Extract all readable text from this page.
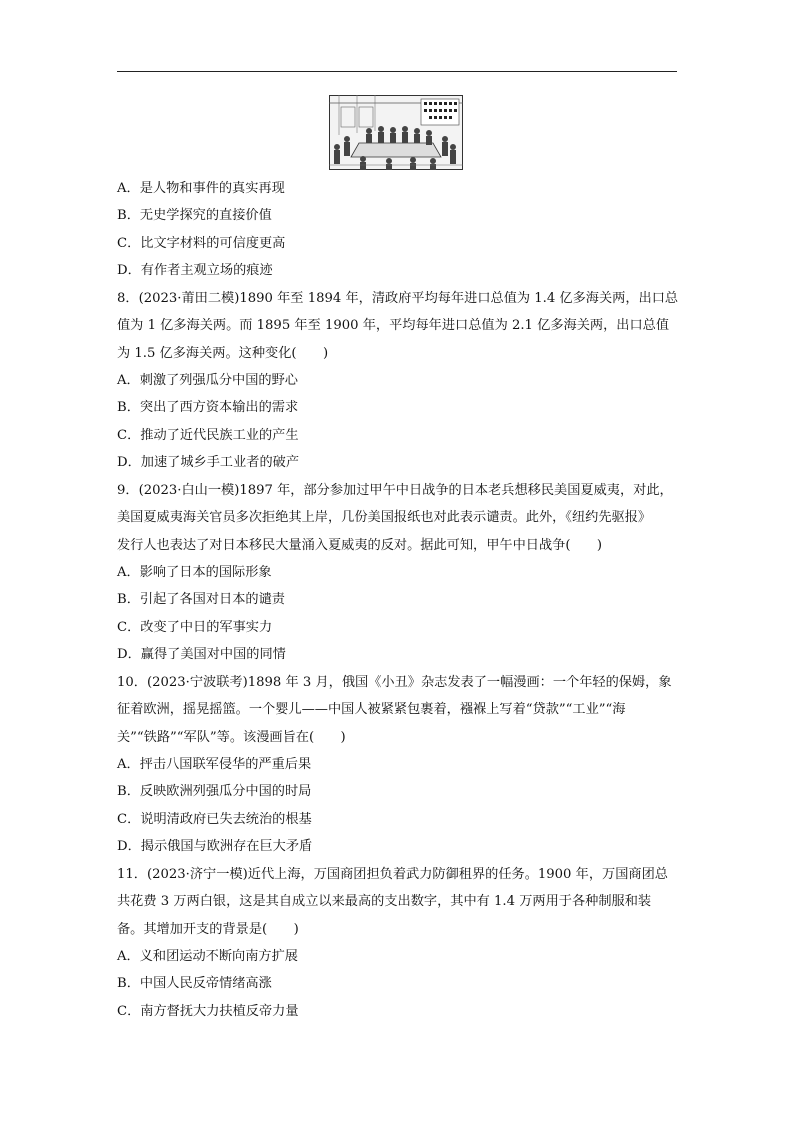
A．是人物和事件的真实再现
B．无史学探究的直接价值
C．比文字材料的可信度更高
D．有作者主观立场的痕迹
8．(2023·莆田二模)1890 年至 1894 年，清政府平均每年进口总值为 1.4 亿多海关两，出口总
值为 1 亿多海关两。而 1895 年至 1900 年，平均每年进口总值为 2.1 亿多海关两，出口总值
为 1.5 亿多海关两。这种变化(　　)
A．刺激了列强瓜分中国的野心
B．突出了西方资本输出的需求
C．推动了近代民族工业的产生
D．加速了城乡手工业者的破产
9．(2023·白山一模)1897 年，部分参加过甲午中日战争的日本老兵想移民美国夏威夷，对此，
美国夏威夷海关官员多次拒绝其上岸，几份美国报纸也对此表示谴责。此外，《纽约先驱报》
发行人也表达了对日本移民大量涌入夏威夷的反对。据此可知，甲午中日战争(　　)
A．影响了日本的国际形象
B．引起了各国对日本的谴责
C．改变了中日的军事实力
D．赢得了美国对中国的同情
10．(2023·宁波联考)1898 年 3 月，俄国《小丑》杂志发表了一幅漫画：一个年轻的保姆，象
征着欧洲，摇晃摇篮。一个婴儿——中国人被紧紧包裹着，襁褓上写着“贷款”“工业”“海
关”“铁路”“军队”等。该漫画旨在(　　)
A．抨击八国联军侵华的严重后果
B．反映欧洲列强瓜分中国的时局
C．说明清政府已失去统治的根基
D．揭示俄国与欧洲存在巨大矛盾
11．(2023·济宁一模)近代上海，万国商团担负着武力防御租界的任务。1900 年，万国商团总
共花费 3 万两白银，这是其自成立以来最高的支出数字，其中有 1.4 万两用于各种制服和装
备。其增加开支的背景是(　　)
A．义和团运动不断向南方扩展
B．中国人民反帝情绪高涨
C．南方督抚大力扶植反帝力量
